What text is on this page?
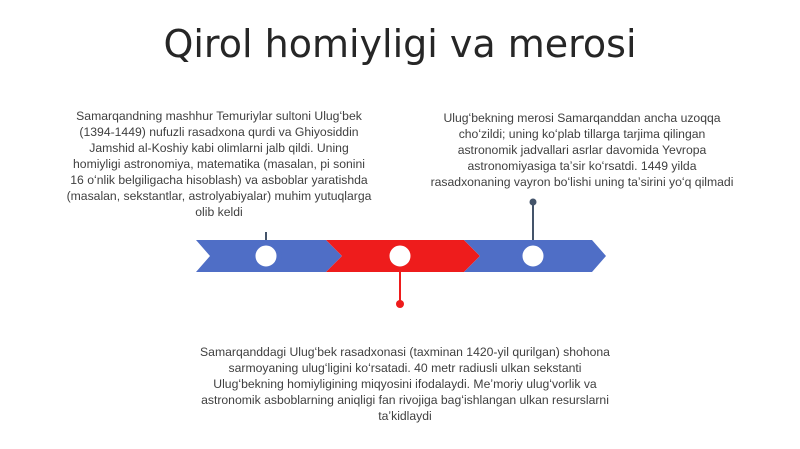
Qirol homiyligi va merosi

Samarqandning mashhur Temuriylar sultoni Ulugʻbek

(1394-1449) nufuzli rasadxona qurdi va Ghiyosiddin

Jamshid al-Koshiy kabi olimlarni jalb qildi. Uning

homiyligi astronomiya, matematika (masalan, pi sonini

16 oʻnlik belgiligacha hisoblash) va asboblar yaratishda

(masalan, sekstantlar, astrolyabiyalar) muhim yutuqlarga

olib keldi

Ulugʻbekning merosi Samarqanddan ancha uzoqqa

choʻzildi; uning koʻplab tillarga tarjima qilingan

astronomik jadvallari asrlar davomida Yevropa

astronomiyasiga taʼsir koʻrsatdi. 1449 yilda

rasadxonaning vayron boʻlishi uning taʼsirini yoʻq qilmadi

Samarqanddagi Ulugʻbek rasadxonasi (taxminan 1420-yil qurilgan) shohona

sarmoyaning ulugʻligini koʻrsatadi. 40 metr radiusli ulkan sekstanti

Ulugʻbekning homiyligining miqyosini ifodalaydi. Meʼmoriy ulugʻvorlik va

astronomik asboblarning aniqligi fan rivojiga bagʻishlangan ulkan resurslarni

taʼkidlaydi
